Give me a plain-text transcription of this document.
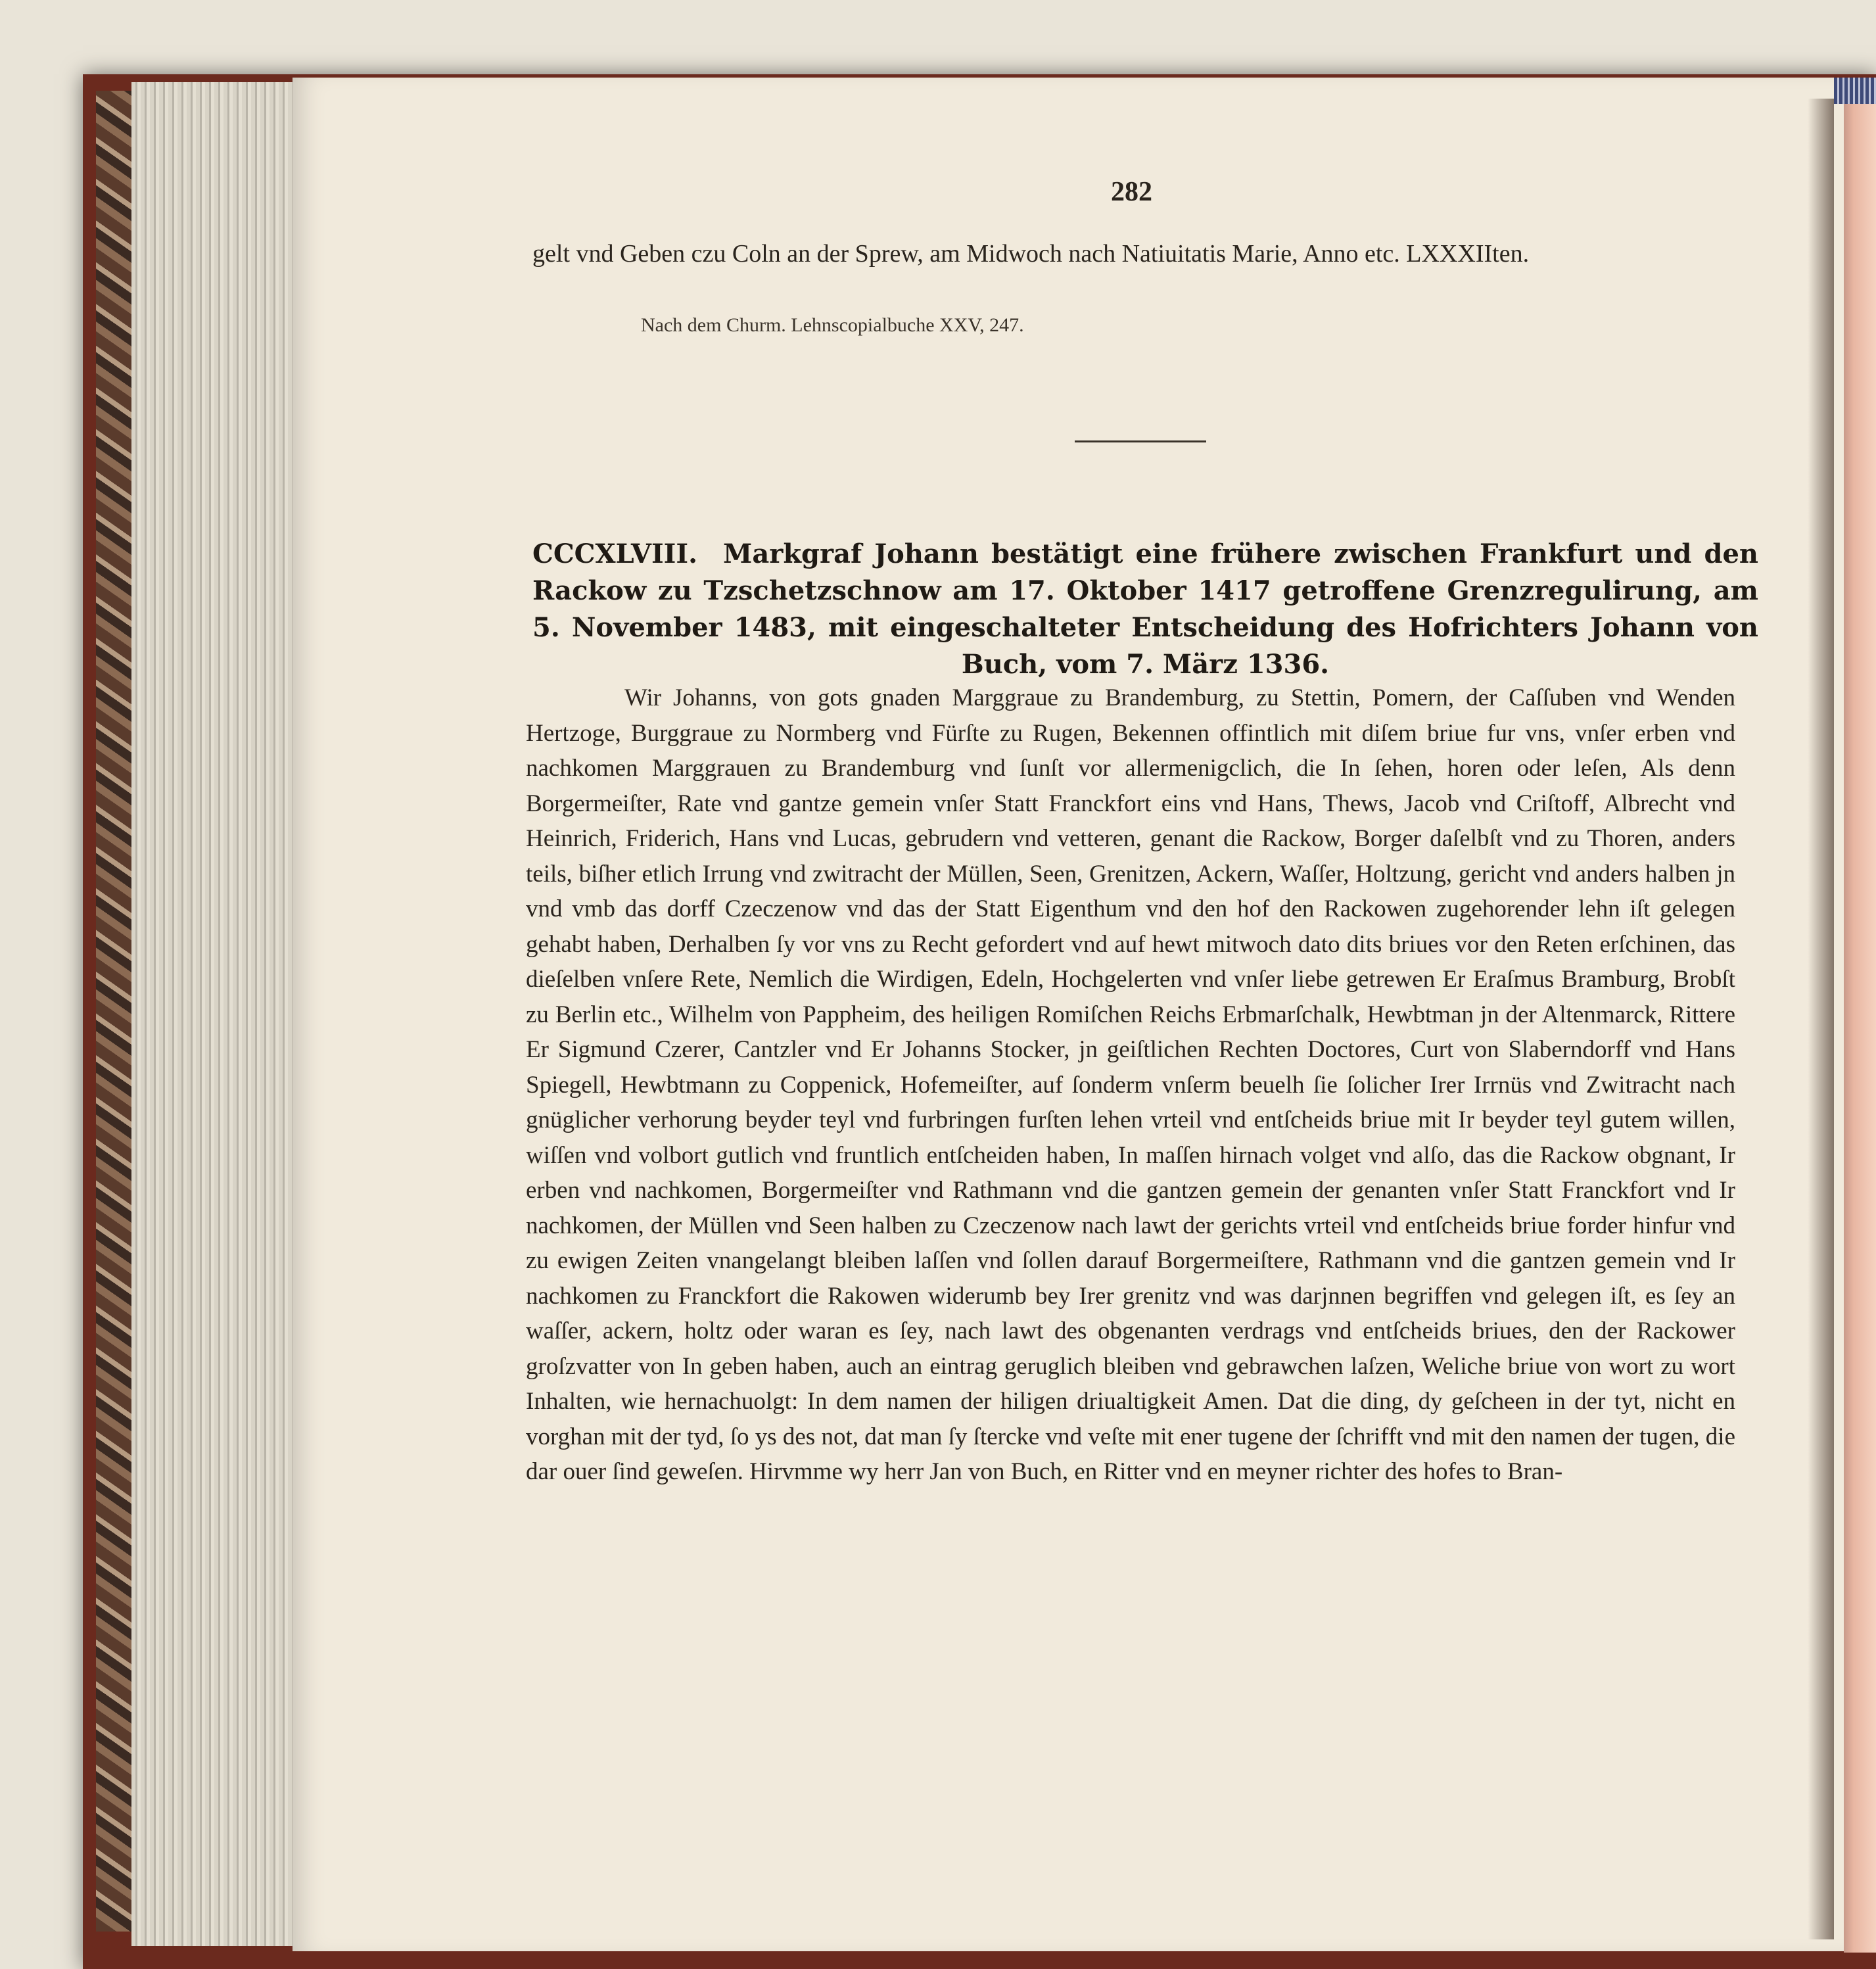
282
gelt vnd Geben czu Coln an der Sprew, am Midwoch nach Natiuitatis Marie, Anno etc. LXXXIIten.
Nach dem Churm. Lehnscopialbuche XXV, 247.
CCCXLVIII. Markgraf Johann bestätigt eine frühere zwischen Frankfurt und den Rackow zu Tzschetzschnow am 17. Oktober 1417 getroffene Grenzregulirung, am 5. November 1483, mit eingeschalteter Entscheidung des Hofrichters Johann von Buch, vom 7. März 1336.
Wir Johanns, von gots gnaden Marggraue zu Brandemburg, zu Stettin, Pomern, der Caſſuben vnd Wenden Hertzoge, Burggraue zu Normberg vnd Fürſte zu Rugen, Bekennen offintlich mit diſem briue fur vns, vnſer erben vnd nachkomen Marggrauen zu Brandemburg vnd ſunſt vor allermenigclich, die In ſehen, horen oder leſen, Als denn Borgermeiſter, Rate vnd gantze gemein vnſer Statt Franckfort eins vnd Hans, Thews, Jacob vnd Criſtoff, Albrecht vnd Heinrich, Friderich, Hans vnd Lucas, gebrudern vnd vetteren, genant die Rackow, Borger daſelbſt vnd zu Thoren, anders teils, biſher etlich Irrung vnd zwitracht der Müllen, Seen, Grenitzen, Ackern, Waſſer, Holtzung, gericht vnd anders halben jn vnd vmb das dorff Czeczenow vnd das der Statt Eigenthum vnd den hof den Rackowen zugehorender lehn iſt gelegen gehabt haben, Derhalben ſy vor vns zu Recht gefordert vnd auf hewt mitwoch dato dits briues vor den Reten erſchinen, das dieſelben vnſere Rete, Nemlich die Wirdigen, Edeln, Hochgelerten vnd vnſer liebe getrewen Er Eraſmus Bramburg, Brobſt zu Berlin etc., Wilhelm von Pappheim, des heiligen Romiſchen Reichs Erbmarſchalk, Hewbtman jn der Altenmarck, Rittere Er Sigmund Czerer, Cantzler vnd Er Johanns Stocker, jn geiſtlichen Rechten Doctores, Curt von Slaberndorff vnd Hans Spiegell, Hewbtmann zu Coppenick, Hofemeiſter, auf ſonderm vnſerm beuelh ſie ſolicher Irer Irrnüs vnd Zwitracht nach gnüglicher verhorung beyder teyl vnd furbringen furſten lehen vrteil vnd entſcheids briue mit Ir beyder teyl gutem willen, wiſſen vnd volbort gutlich vnd fruntlich entſcheiden haben, In maſſen hirnach volget vnd alſo, das die Rackow obgnant, Ir erben vnd nachkomen, Borgermeiſter vnd Rathmann vnd die gantzen gemein der genanten vnſer Statt Franckfort vnd Ir nachkomen, der Müllen vnd Seen halben zu Czeczenow nach lawt der gerichts vrteil vnd entſcheids briue forder hinfur vnd zu ewigen Zeiten vnangelangt bleiben laſſen vnd ſollen darauf Borgermeiſtere, Rathmann vnd die gantzen gemein vnd Ir nachkomen zu Franckfort die Rakowen widerumb bey Irer grenitz vnd was darjnnen begriffen vnd gelegen iſt, es ſey an waſſer, ackern, holtz oder waran es ſey, nach lawt des obgenanten verdrags vnd entſcheids briues, den der Rackower groſzvatter von In geben haben, auch an eintrag geruglich bleiben vnd gebrawchen laſzen, Weliche briue von wort zu wort Inhalten, wie hernachuolgt: In dem namen der hiligen driualtigkeit Amen. Dat die ding, dy geſcheen in der tyt, nicht en vorghan mit der tyd, ſo ys des not, dat man ſy ſtercke vnd veſte mit ener tugene der ſchrifft vnd mit den namen der tugen, die dar ouer ſind geweſen. Hirvmme wy herr Jan von Buch, en Ritter vnd en meyner richter des hofes to Bran-
